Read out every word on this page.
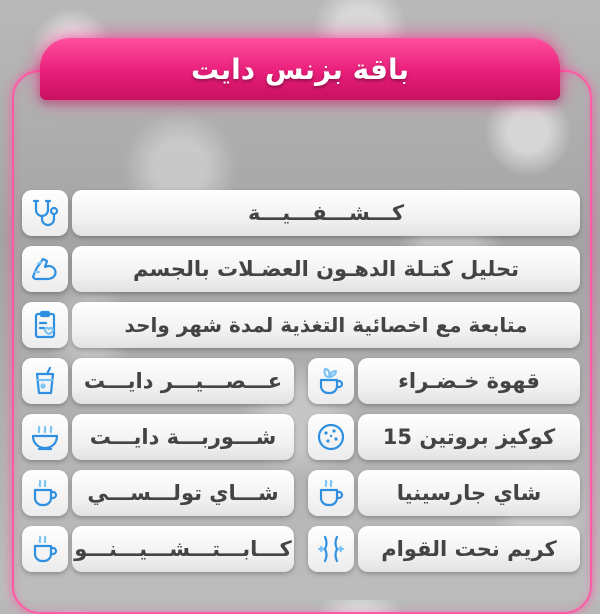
باقة بزنس دايت
كـــشـــفـــيـــة
تحليل كتـلة الدهـون العضـلات بالجسم
متابعة مع اخصائية التغذية لمدة شهر واحد
عـــصـــيـــر دايـــت
شـــوربـــة دايـــت
شـــاي تولـــســـي
كـــابـــتـــشـــيـــنـــو
قهوة خـضـراء
كوكيز بروتين 15
شاي جارسينيا
كريم نحت القوام
